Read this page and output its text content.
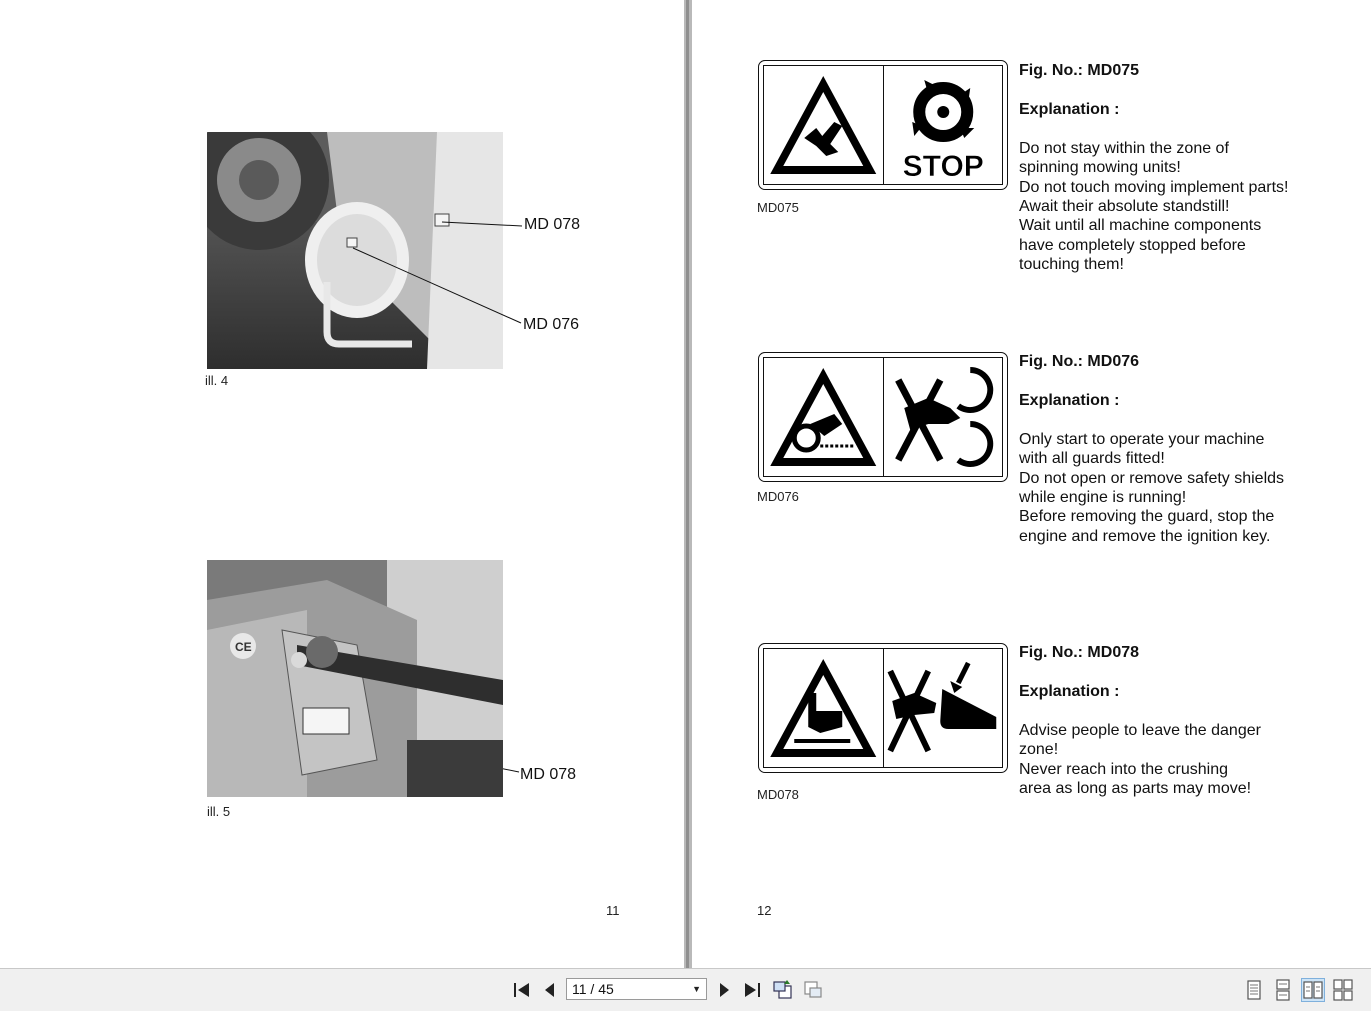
MD 078
MD 076
ill. 4
CE
MD 078
ill. 5
11
STOP
MD075
Fig. No.: MD075
Explanation :
Do not stay within the zone of
spinning mowing units!
Do not touch moving implement parts!
Await their absolute standstill!
Wait until all machine components
have completely stopped before
touching them!
MD076
Fig. No.: MD076
Explanation :
Only start to operate your machine
with all guards fitted!
Do not open or remove safety shields
while engine is running!
Before removing the guard, stop the
engine and remove the ignition key.
MD078
Fig. No.: MD078
Explanation :
Advise people to leave the danger
zone!
Never reach into the crushing
area as long as parts may move!
12
11 / 45	▼
